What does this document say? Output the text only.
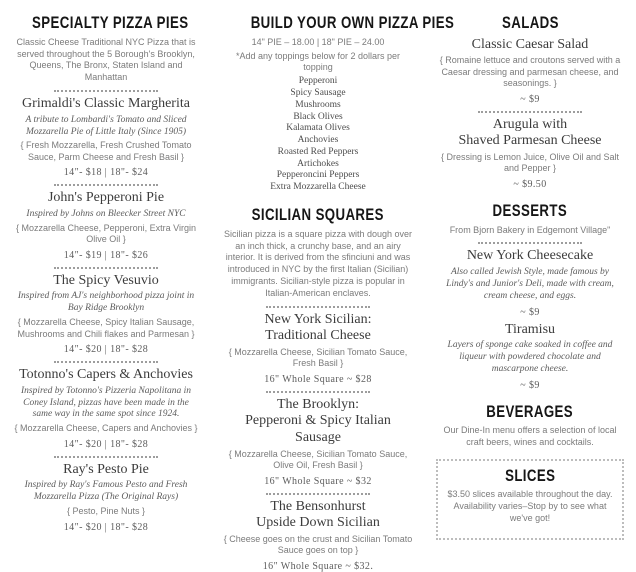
SPECIALTY PIZZA PIES
Classic Cheese Traditional NYC Pizza that is served throughout the 5 Borough's Brooklyn, Queens, The Bronx, Staten Island and Manhattan
Grimaldi's Classic Margherita
A tribute to Lombardi's Tomato and Sliced Mozzarella Pie of Little Italy (Since 1905)
{ Fresh Mozzarella, Fresh Crushed Tomato Sauce, Parm Cheese and Fresh Basil }
14"- $18 | 18"- $24
John's Pepperoni Pie
Inspired by Johns on Bleecker Street NYC
{ Mozzarella Cheese, Pepperoni, Extra Virgin Olive Oil }
14"- $19 | 18"- $26
The Spicy Vesuvio
Inspired from AJ's neighborhood pizza joint in Bay Ridge Brooklyn
{ Mozzarella Cheese, Spicy Italian Sausage, Mushrooms and Chili flakes and Parmesan }
14"- $20 | 18"- $28
Totonno's Capers & Anchovies
Inspired by Totonno's Pizzeria Napolitana in Coney Island, pizzas have been made in the same way in the same spot since 1924.
{ Mozzarella Cheese, Capers and Anchovies }
14"- $20 | 18"- $28
Ray's Pesto Pie
Inspired by Ray's Famous Pesto and Fresh Mozzarella Pizza (The Original Rays)
{ Pesto, Pine Nuts }
14"- $20 | 18"- $28
BUILD YOUR OWN PIZZA PIES
14" PIE – 18.00 | 18" PIE – 24.00
*Add any toppings below for 2 dollars per topping
Pepperoni
Spicy Sausage
Mushrooms
Black Olives
Kalamata Olives
Anchovies
Roasted Red Peppers
Artichokes
Pepperoncini Peppers
Extra Mozzarella Cheese
SICILIAN SQUARES
Sicilian pizza is a square pizza with dough over an inch thick, a crunchy base, and an airy interior. It is derived from the sfinciuni and was introduced in NYC by the first Italian (Sicilian) immigrants. Sicilian-style pizza is popular in Italian-American enclaves.
New York Sicilian:
Traditional Cheese
{ Mozzarella Cheese, Sicilian Tomato Sauce, Fresh Basil }
16" Whole Square ~ $28
The Brooklyn:
Pepperoni & Spicy Italian Sausage
{ Mozzarella Cheese, Sicilian Tomato Sauce, Olive Oil, Fresh Basil }
16" Whole Square ~ $32
The Bensonhurst
Upside Down Sicilian
{ Cheese goes on the crust and Sicilian Tomato Sauce goes on top }
16" Whole Square ~ $32.
SALADS
Classic Caesar Salad
{ Romaine lettuce and croutons served with a Caesar dressing and parmesan cheese, and seasonings. }
~ $9
Arugula with
Shaved Parmesan Cheese
{ Dressing is Lemon Juice, Olive Oil and Salt and Pepper }
~ $9.50
DESSERTS
From Bjorn Bakery in Edgemont Village"
New York Cheesecake
Also called Jewish Style, made famous by Lindy's and Junior's Deli, made with cream, cream cheese, and eggs.
~ $9
Tiramisu
Layers of sponge cake soaked in coffee and liqueur with powdered chocolate and mascarpone cheese.
~ $9
BEVERAGES
Our Dine-In menu offers a selection of local craft beers, wines and cocktails.
SLICES
$3.50 slices available throughout the day. Availability varies–Stop by to see what we've got!
